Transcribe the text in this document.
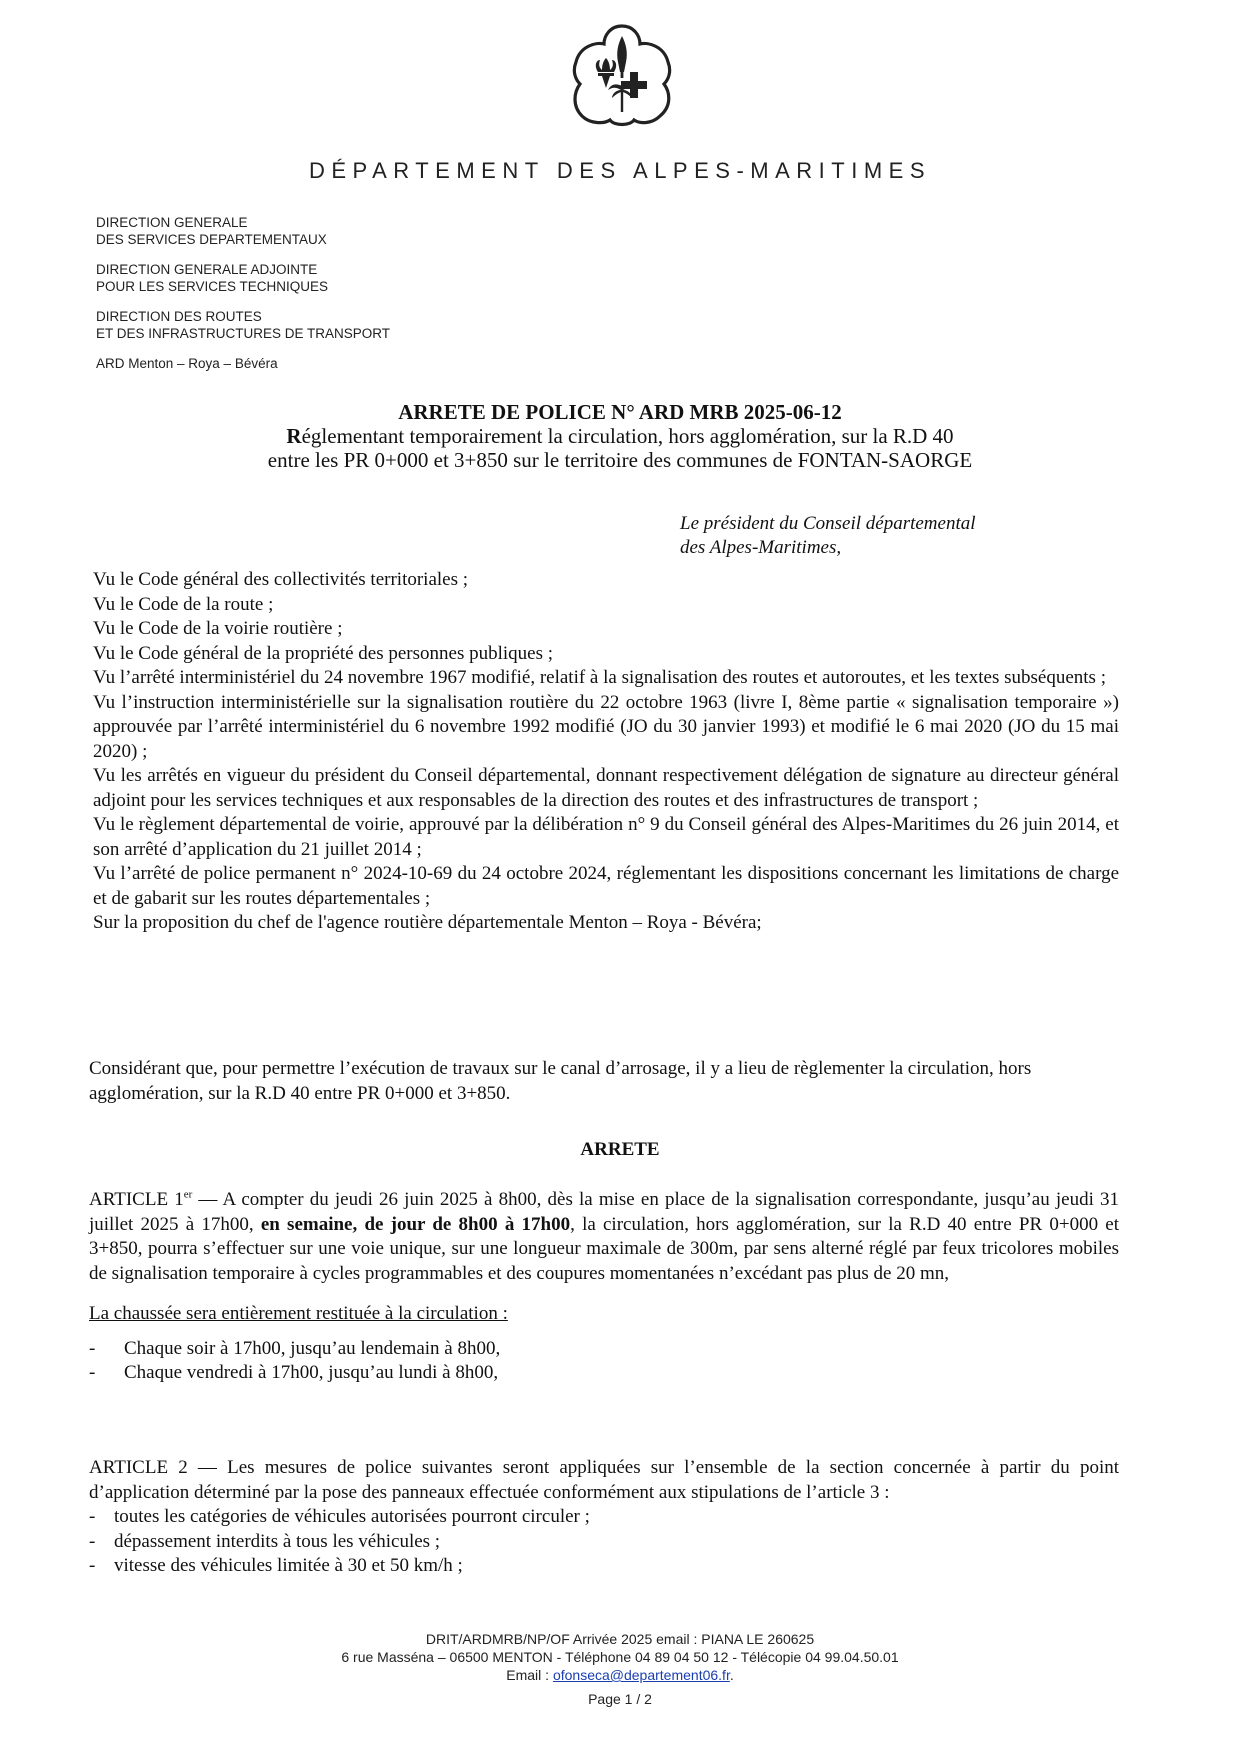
DÉPARTEMENT DES ALPES-MARITIMES
DIRECTION GENERALE
DES SERVICES DEPARTEMENTAUX
DIRECTION GENERALE ADJOINTE
POUR LES SERVICES TECHNIQUES
DIRECTION DES ROUTES
ET DES INFRASTRUCTURES DE TRANSPORT
ARD Menton – Roya – Bévéra
ARRETE DE POLICE N° ARD MRB 2025-06-12
Réglementant temporairement la circulation, hors agglomération, sur la R.D 40
entre les PR 0+000 et 3+850 sur le territoire des communes de FONTAN-SAORGE
Le président du Conseil départemental
des Alpes-Maritimes,

Vu le Code général des collectivités territoriales ;

Vu le Code de la route ;

Vu le Code de la voirie routière ;

Vu le Code général de la propriété des personnes publiques ;

Vu l’arrêté interministériel du 24 novembre 1967 modifié, relatif à la signalisation des routes et autoroutes, et les textes subséquents ;

Vu l’instruction interministérielle sur la signalisation routière du 22 octobre 1963 (livre I, 8ème partie « signalisation temporaire ») approuvée par l’arrêté interministériel du 6 novembre 1992 modifié (JO du 30 janvier 1993) et modifié le 6 mai 2020 (JO du 15 mai 2020) ;

Vu les arrêtés en vigueur du président du Conseil départemental, donnant respectivement délégation de signature au directeur général adjoint pour les services techniques et aux responsables de la direction des routes et des infrastructures de transport ;

Vu le règlement départemental de voirie, approuvé par la délibération n° 9 du Conseil général des Alpes-Maritimes du 26 juin 2014, et son arrêté d’application du 21 juillet 2014 ;

Vu l’arrêté de police permanent n° 2024-10-69 du 24 octobre 2024, réglementant les dispositions concernant les limitations de charge et de gabarit sur les routes départementales ;

Sur la proposition du chef de l'agence routière départementale Menton – Roya - Bévéra;

Considérant que, pour permettre l’exécution de travaux sur le canal d’arrosage, il y a lieu de règlementer la circulation, hors agglomération, sur la R.D 40 entre PR 0+000 et 3+850.

ARRETE

ARTICLE 1er — A compter du jeudi 26 juin 2025 à 8h00, dès la mise en place de la signalisation correspondante, jusqu’au jeudi 31 juillet 2025 à 17h00, en semaine, de jour de 8h00 à 17h00, la circulation, hors agglomération, sur la R.D 40 entre PR 0+000 et 3+850, pourra s’effectuer sur une voie unique, sur une longueur maximale de 300m, par sens alterné réglé par feux tricolores mobiles de signalisation temporaire à cycles programmables et des coupures momentanées n’excédant pas plus de 20 mn,

La chaussée sera entièrement restituée à la circulation :

- Chaque soir à 17h00, jusqu’au lendemain à 8h00,
- Chaque vendredi à 17h00, jusqu’au lundi à 8h00,

ARTICLE 2 — Les mesures de police suivantes seront appliquées sur l’ensemble de la section concernée à partir du point d’application déterminé par la pose des panneaux effectuée conformément aux stipulations de l’article 3 :

- toutes les catégories de véhicules autorisées pourront circuler ;
- dépassement interdits à tous les véhicules ;
- vitesse des véhicules limitée à 30 et 50 km/h ;
DRIT/ARDMRB/NP/OF Arrivée 2025 email : PIANA LE 260625
6 rue Masséna – 06500 MENTON - Téléphone 04 89 04 50 12 - Télécopie 04 99.04.50.01
Email : ofonseca@departement06.fr.
Page 1 / 2
